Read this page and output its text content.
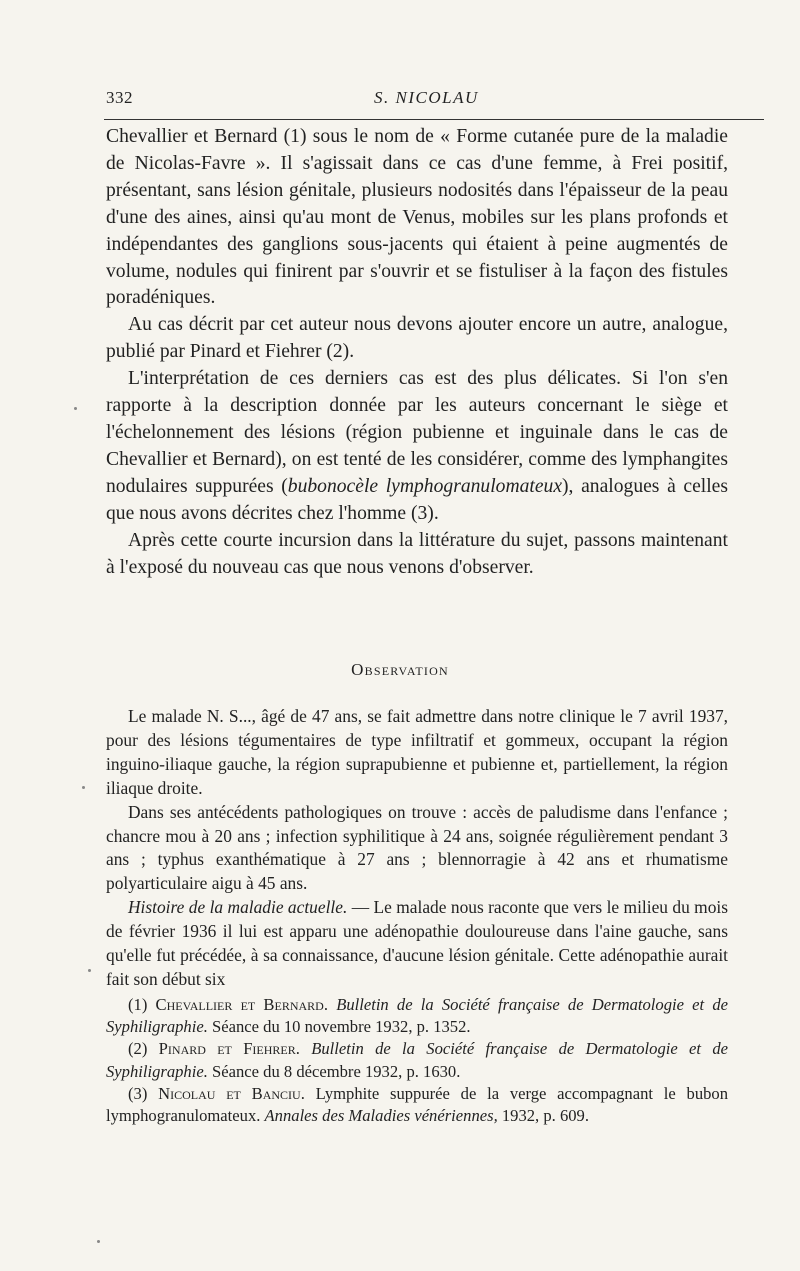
332	S. NICOLAU

Chevallier et Bernard (1) sous le nom de « Forme cutanée pure de la maladie de Nicolas-Favre ». Il s'agissait dans ce cas d'une femme, à Frei positif, présentant, sans lésion génitale, plusieurs nodosités dans l'épaisseur de la peau d'une des aines, ainsi qu'au mont de Venus, mobiles sur les plans profonds et indépendantes des ganglions sous-jacents qui étaient à peine augmentés de volume, nodules qui finirent par s'ouvrir et se fistuliser à la façon des fistules poradéniques.

Au cas décrit par cet auteur nous devons ajouter encore un autre, analogue, publié par Pinard et Fiehrer (2).

L'interprétation de ces derniers cas est des plus délicates. Si l'on s'en rapporte à la description donnée par les auteurs concernant le siège et l'échelonnement des lésions (région pubienne et inguinale dans le cas de Chevallier et Bernard), on est tenté de les considérer, comme des lymphangites nodulaires suppurées (bubonocèle lymphogranulomateux), analogues à celles que nous avons décrites chez l'homme (3).

Après cette courte incursion dans la littérature du sujet, passons maintenant à l'exposé du nouveau cas que nous venons d'observer.

Observation

Le malade N. S..., âgé de 47 ans, se fait admettre dans notre clinique le 7 avril 1937, pour des lésions tégumentaires de type infiltratif et gommeux, occupant la région inguino-iliaque gauche, la région suprapubienne et pubienne et, partiellement, la région iliaque droite.

Dans ses antécédents pathologiques on trouve : accès de paludisme dans l'enfance ; chancre mou à 20 ans ; infection syphilitique à 24 ans, soignée régulièrement pendant 3 ans ; typhus exanthématique à 27 ans ; blennorragie à 42 ans et rhumatisme polyarticulaire aigu à 45 ans.

Histoire de la maladie actuelle. — Le malade nous raconte que vers le milieu du mois de février 1936 il lui est apparu une adénopathie douloureuse dans l'aine gauche, sans qu'elle fut précédée, à sa connaissance, d'aucune lésion génitale. Cette adénopathie aurait fait son début six

(1) Chevallier et Bernard. Bulletin de la Société française de Dermatologie et de Syphiligraphie. Séance du 10 novembre 1932, p. 1352.

(2) Pinard et Fiehrer. Bulletin de la Société française de Dermatologie et de Syphiligraphie. Séance du 8 décembre 1932, p. 1630.

(3) Nicolau et Banciu. Lymphite suppurée de la verge accompagnant le bubon lymphogranulomateux. Annales des Maladies vénériennes, 1932, p. 609.
